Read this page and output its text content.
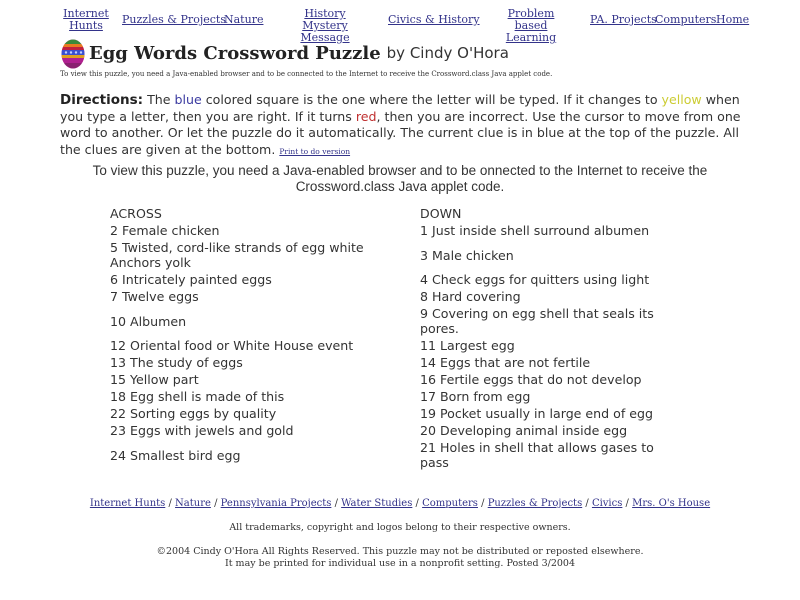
Internet
Hunts	Puzzles & Projects
Nature	History Mystery
Message
Civics & History	Problem based
Learning
PA. Projects
Computers Home
Egg Words Crossword Puzzle by Cindy O'Hora
To view this puzzle, you need a Java-enabled browser and to be connected to the Internet to receive the Crossword.class Java applet code.
Directions: The blue colored square is the one where the letter will be typed. If it changes to yellow when you type a letter, then you are right. If it turns red, then you are incorrect. Use the cursor to move from one word to another. Or let the puzzle do it automatically. The current clue is in blue at the top of the puzzle. All the clues are given at the bottom. Print to do version
To view this puzzle, you need a Java-enabled browser and to be onnected to the Internet to receive the
Crossword.class Java applet code.
ACROSS	DOWN
2 Female chicken	1 Just inside shell surround albumen
5 Twisted, cord-like strands of egg white Anchors yolk	3 Male chicken
6 Intricately painted eggs	4 Check eggs for quitters using light
7 Twelve eggs	8 Hard covering
10 Albumen	9 Covering on egg shell that seals its pores.
12 Oriental food or White House event	11 Largest egg
13 The study of eggs	14 Eggs that are not fertile
15 Yellow part	16 Fertile eggs that do not develop
18 Egg shell is made of this	17 Born from egg
22 Sorting eggs by quality	19 Pocket usually in large end of egg
23 Eggs with jewels and gold	20 Developing animal inside egg
24 Smallest bird egg	21 Holes in shell that allows gases to pass
Internet Hunts / Nature / Pennsylvania Projects / Water Studies / Computers / Puzzles & Projects / Civics / Mrs. O's House
All trademarks, copyright and logos belong to their respective owners.
©2004 Cindy O'Hora All Rights Reserved. This puzzle may not be distributed or reposted elsewhere.
It may be printed for individual use in a nonprofit setting. Posted 3/2004
